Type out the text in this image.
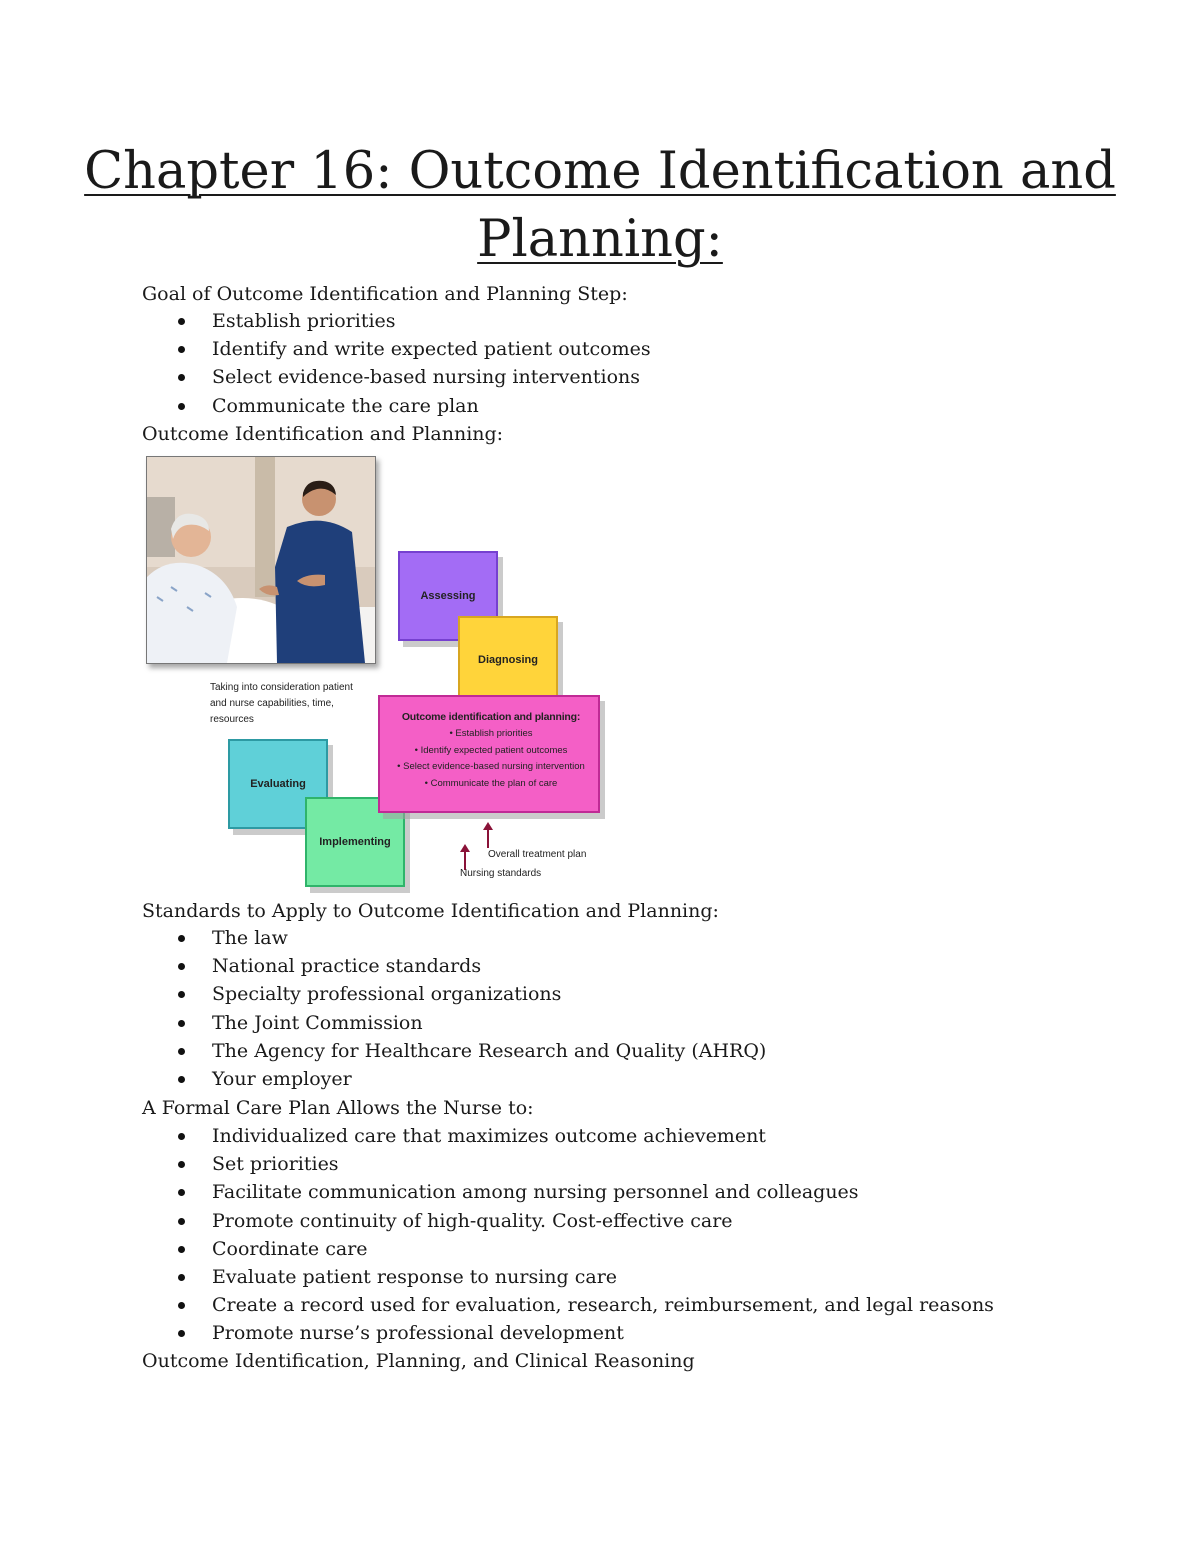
Chapter 16: Outcome Identification and
Planning:

Goal of Outcome Identification and Planning Step:

Establish priorities
Identify and write expected patient outcomes
Select evidence-based nursing interventions
Communicate the care plan

Outcome Identification and Planning:

Assessing
Diagnosing
Evaluating
Implementing
Outcome identification and planning:
• Establish priorities
• Identify expected patient outcomes
• Select evidence-based nursing intervention
• Communicate the plan of care
Taking into consideration patient and nurse capabilities, time, resources
Overall treatment plan
Nursing standards

Standards to Apply to Outcome Identification and Planning:

The law
National practice standards
Specialty professional organizations
The Joint Commission
The Agency for Healthcare Research and Quality (AHRQ)
Your employer

A Formal Care Plan Allows the Nurse to:

Individualized care that maximizes outcome achievement
Set priorities
Facilitate communication among nursing personnel and colleagues
Promote continuity of high-quality. Cost-effective care
Coordinate care
Evaluate patient response to nursing care
Create a record used for evaluation, research, reimbursement, and legal reasons
Promote nurse’s professional development

Outcome Identification, Planning, and Clinical Reasoning
